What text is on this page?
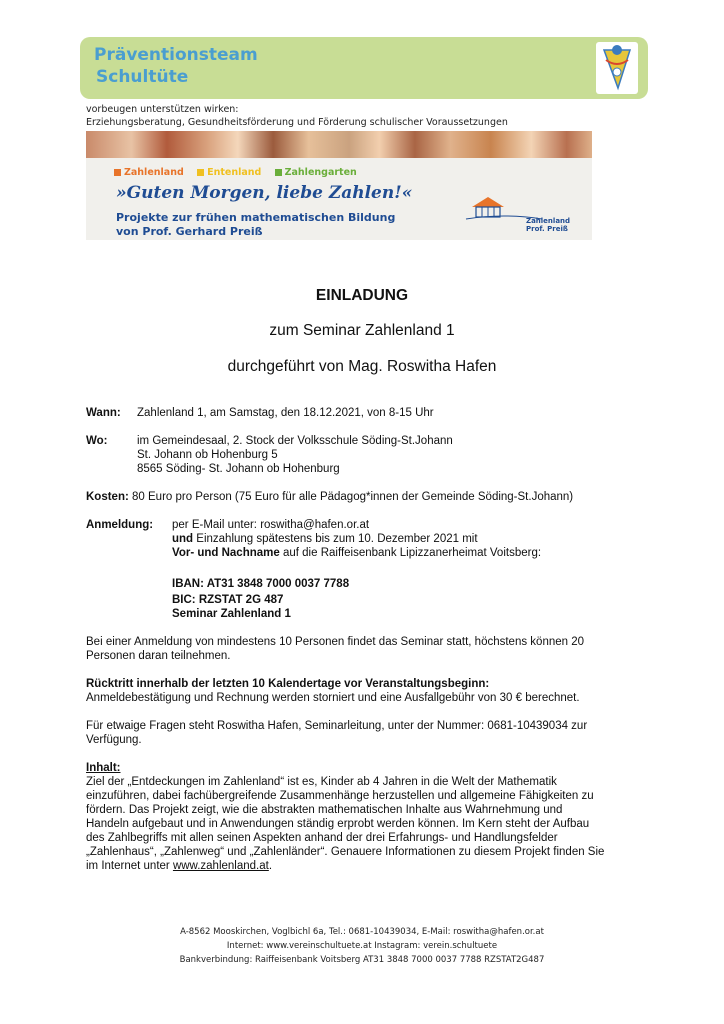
Präventionsteam
Schultüte
vorbeugen unterstützen wirken:
Erziehungsberatung, Gesundheitsförderung und Förderung schulischer Voraussetzungen
Zahlenland Entenland Zahlengarten
»Guten Morgen, liebe Zahlen!«
Projekte zur frühen mathematischen Bildung
von Prof. Gerhard Preiß
Zahlenland
Prof. Preiß
EINLADUNG
zum Seminar Zahlenland 1
durchgeführt von Mag. Roswitha Hafen
Wann: Zahlenland 1, am Samstag, den 18.12.2021, von 8-15 Uhr
Wo:	im Gemeindesaal, 2. Stock der Volksschule Söding-St.Johann
St. Johann ob Hohenburg 5
8565 Söding- St. Johann ob Hohenburg
Kosten: 80 Euro pro Person (75 Euro für alle Pädagog*innen der Gemeinde Söding-St.Johann)
Anmeldung: per E-Mail unter: roswitha@hafen.or.at
und Einzahlung spätestens bis zum 10. Dezember 2021 mit
Vor- und Nachname auf die Raiffeisenbank Lipizzanerheimat Voitsberg:
IBAN: AT31 3848 7000 0037 7788
BIC: RZSTAT 2G 487
Seminar Zahlenland 1
Bei einer Anmeldung von mindestens 10 Personen findet das Seminar statt, höchstens können 20
Personen daran teilnehmen.
Rücktritt innerhalb der letzten 10 Kalendertage vor Veranstaltungsbeginn:
Anmeldebestätigung und Rechnung werden storniert und eine Ausfallgebühr von 30 € berechnet.
Für etwaige Fragen steht Roswitha Hafen, Seminarleitung, unter der Nummer: 0681-10439034 zur
Verfügung.
Inhalt:
Ziel der „Entdeckungen im Zahlenland“ ist es, Kinder ab 4 Jahren in die Welt der Mathematik
einzuführen, dabei fachübergreifende Zusammenhänge herzustellen und allgemeine Fähigkeiten zu
fördern. Das Projekt zeigt, wie die abstrakten mathematischen Inhalte aus Wahrnehmung und
Handeln aufgebaut und in Anwendungen ständig erprobt werden können. Im Kern steht der Aufbau
des Zahlbegriffs mit allen seinen Aspekten anhand der drei Erfahrungs- und Handlungsfelder
„Zahlenhaus“, „Zahlenweg“ und „Zahlenländer“. Genauere Informationen zu diesem Projekt finden Sie
im Internet unter www.zahlenland.at.
A-8562 Mooskirchen, Voglbichl 6a, Tel.: 0681-10439034, E-Mail: roswitha@hafen.or.at
Internet: www.vereinschultuete.at Instagram: verein.schultuete
Bankverbindung: Raiffeisenbank Voitsberg AT31 3848 7000 0037 7788 RZSTAT2G487
